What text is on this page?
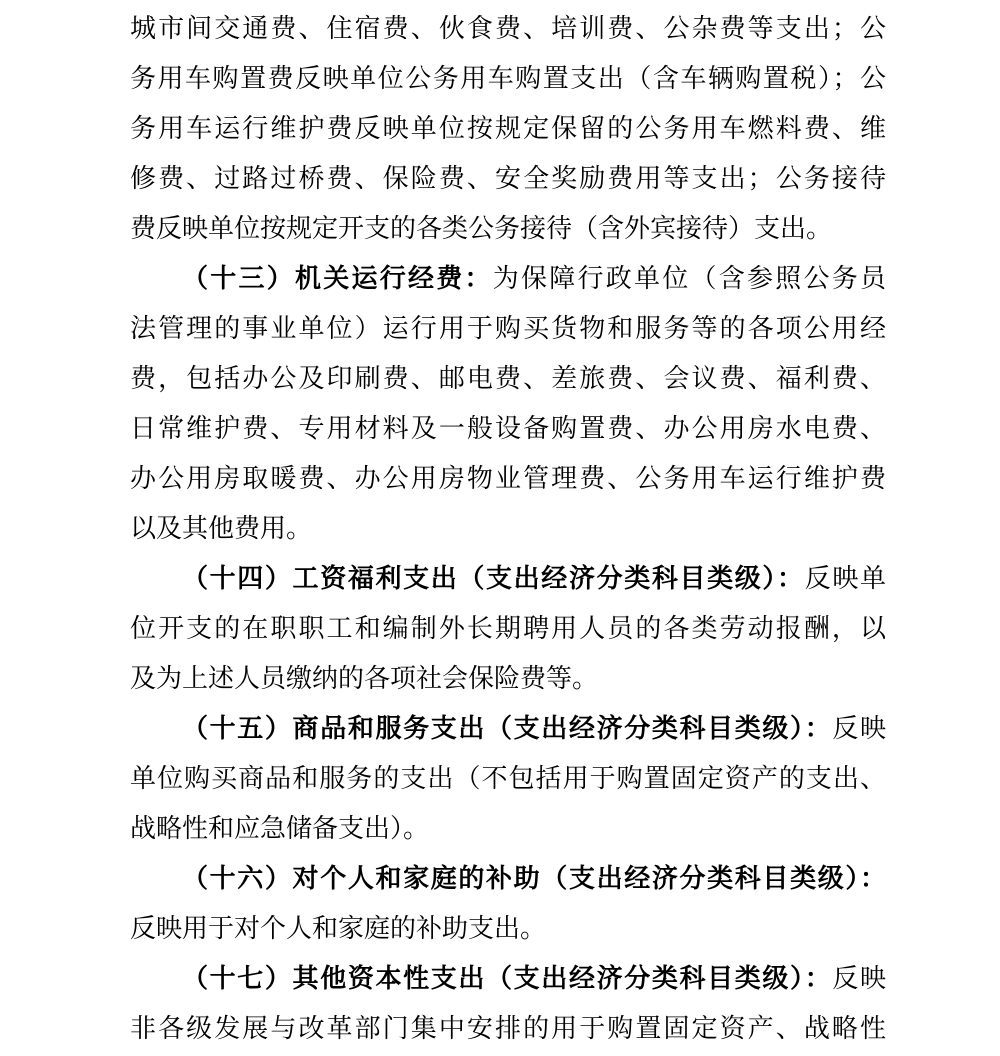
城市间交通费、住宿费、伙食费、培训费、公杂费等支出；公
务用车购置费反映单位公务用车购置支出（含车辆购置税）；公
务用车运行维护费反映单位按规定保留的公务用车燃料费、维
修费、过路过桥费、保险费、安全奖励费用等支出；公务接待
费反映单位按规定开支的各类公务接待（含外宾接待）支出。
（十三）机关运行经费：为保障行政单位（含参照公务员
法管理的事业单位）运行用于购买货物和服务等的各项公用经
费，包括办公及印刷费、邮电费、差旅费、会议费、福利费、
日常维护费、专用材料及一般设备购置费、办公用房水电费、
办公用房取暖费、办公用房物业管理费、公务用车运行维护费
以及其他费用。
（十四）工资福利支出（支出经济分类科目类级）：反映单
位开支的在职职工和编制外长期聘用人员的各类劳动报酬，以
及为上述人员缴纳的各项社会保险费等。
（十五）商品和服务支出（支出经济分类科目类级）：反映
单位购买商品和服务的支出（不包括用于购置固定资产的支出、
战略性和应急储备支出）。
（十六）对个人和家庭的补助（支出经济分类科目类级）：
反映用于对个人和家庭的补助支出。
（十七）其他资本性支出（支出经济分类科目类级）：反映
非各级发展与改革部门集中安排的用于购置固定资产、战略性
